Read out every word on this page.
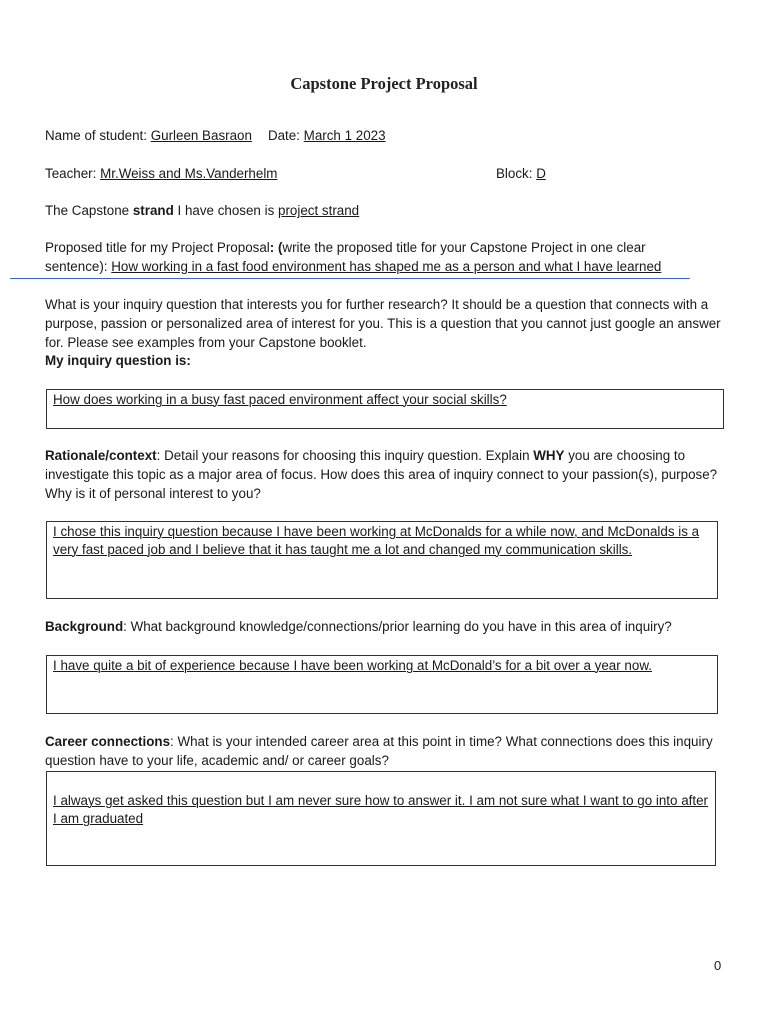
Capstone Project Proposal
Name of student: Gurleen Basraon Date: March 1 2023
Teacher: Mr.Weiss and Ms.Vanderhelm	Block: D
The Capstone strand I have chosen is project strand
Proposed title for my Project Proposal: (write the proposed title for your Capstone Project in one clear
sentence): How working in a fast food environment has shaped me as a person and what I have learned
What is your inquiry question that interests you for further research? It should be a question that connects with a purpose, passion or personalized area of interest for you. This is a question that you cannot just google an answer for. Please see examples from your Capstone booklet.
My inquiry question is:
How does working in a busy fast paced environment affect your social skills?
Rationale/context: Detail your reasons for choosing this inquiry question. Explain WHY you are choosing to investigate this topic as a major area of focus. How does this area of inquiry connect to your passion(s), purpose? Why is it of personal interest to you?
I chose this inquiry question because I have been working at McDonalds for a while now, and McDonalds is a very fast paced job and I believe that it has taught me a lot and changed my communication skills.
Background: What background knowledge/connections/prior learning do you have in this area of inquiry?
I have quite a bit of experience because I have been working at McDonald’s for a bit over a year now.
Career connections: What is your intended career area at this point in time? What connections does this inquiry question have to your life, academic and/ or career goals?
I always get asked this question but I am never sure how to answer it. I am not sure what I want to go into after I am graduated
0
